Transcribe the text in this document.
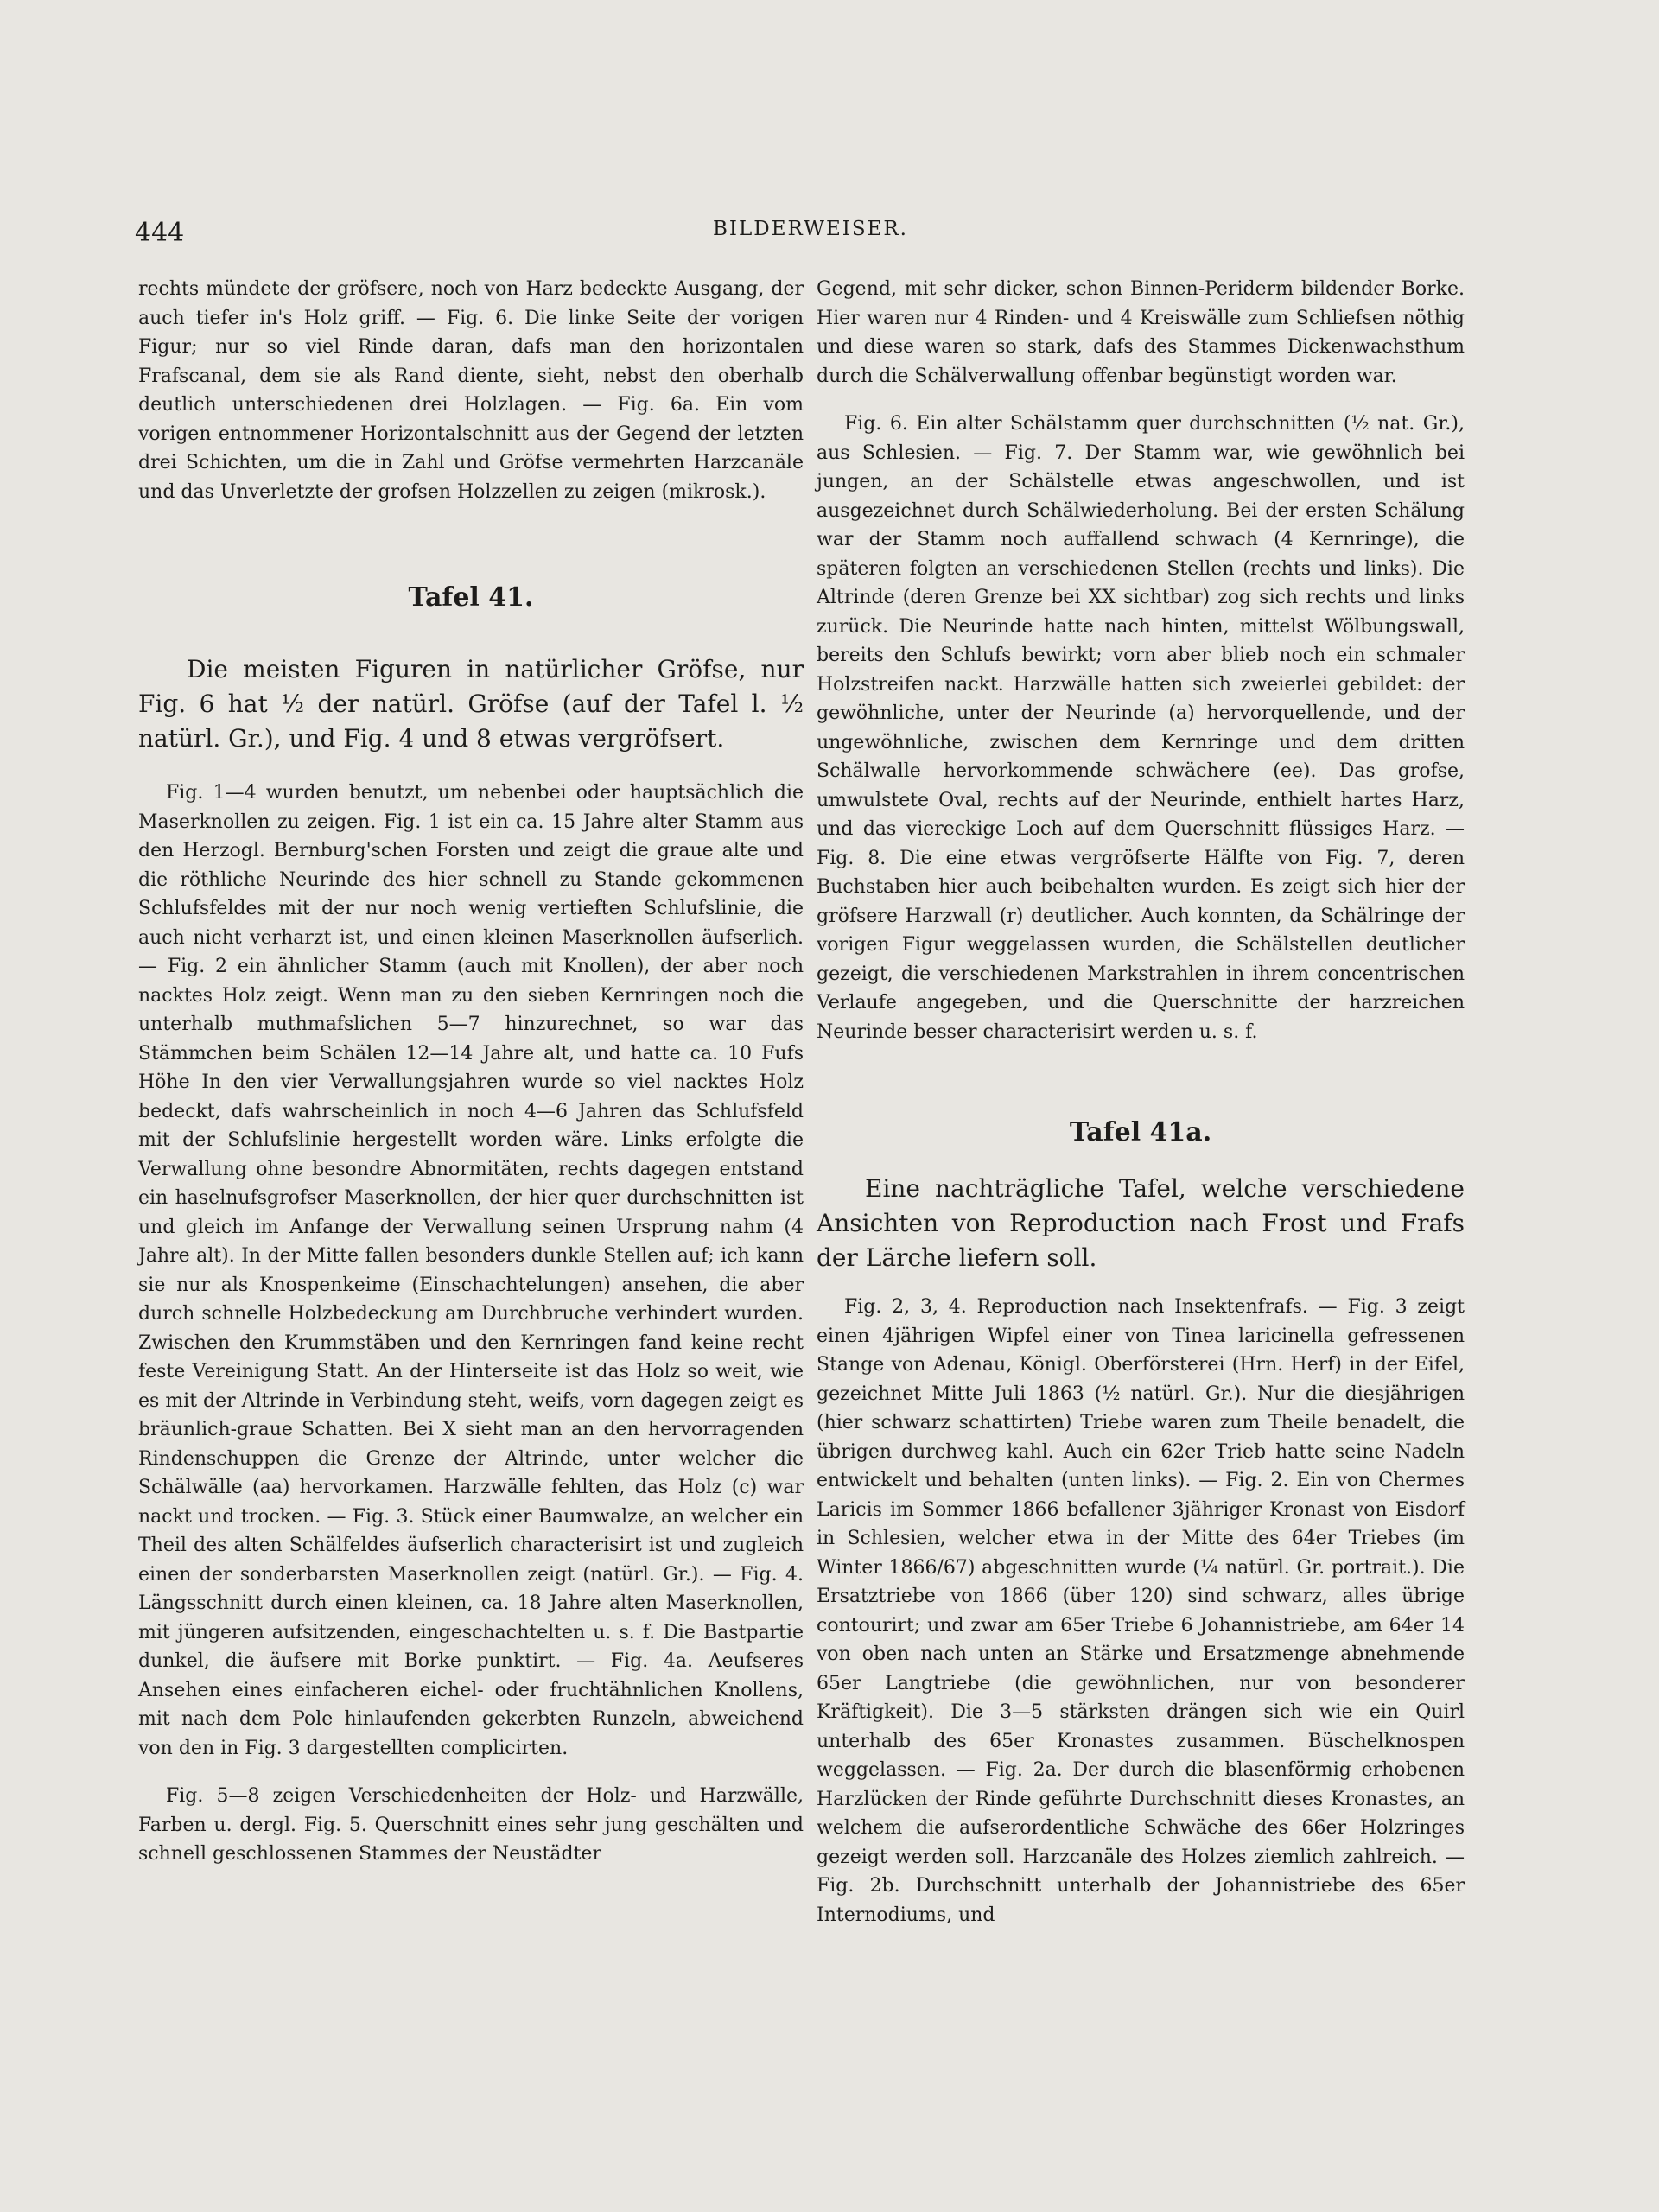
444	BILDERWEISER.

rechts mündete der gröfsere, noch von Harz bedeckte Ausgang, der auch tiefer in's Holz griff. — Fig. 6. Die linke Seite der vorigen Figur; nur so viel Rinde daran, dafs man den horizontalen Frafscanal, dem sie als Rand diente, sieht, nebst den oberhalb deutlich unterschiedenen drei Holzlagen. — Fig. 6a. Ein vom vorigen entnommener Horizontalschnitt aus der Gegend der letzten drei Schichten, um die in Zahl und Gröfse vermehrten Harzcanäle und das Unverletzte der grofsen Holzzellen zu zeigen (mikrosk.).

Tafel 41.

Die meisten Figuren in natürlicher Gröfse, nur Fig. 6 hat ½ der natürl. Gröfse (auf der Tafel l. ½ natürl. Gr.), und Fig. 4 und 8 etwas vergröfsert.

Fig. 1—4 wurden benutzt, um nebenbei oder hauptsächlich die Maserknollen zu zeigen. Fig. 1 ist ein ca. 15 Jahre alter Stamm aus den Herzogl. Bernburg'schen Forsten und zeigt die graue alte und die röthliche Neurinde des hier schnell zu Stande gekommenen Schlufsfeldes mit der nur noch wenig vertieften Schlufslinie, die auch nicht verharzt ist, und einen kleinen Maserknollen äufserlich. — Fig. 2 ein ähnlicher Stamm (auch mit Knollen), der aber noch nacktes Holz zeigt. Wenn man zu den sieben Kernringen noch die unterhalb muthmafslichen 5—7 hinzurechnet, so war das Stämmchen beim Schälen 12—14 Jahre alt, und hatte ca. 10 Fufs Höhe In den vier Verwallungsjahren wurde so viel nacktes Holz bedeckt, dafs wahrscheinlich in noch 4—6 Jahren das Schlufsfeld mit der Schlufslinie hergestellt worden wäre. Links erfolgte die Verwallung ohne besondre Abnormitäten, rechts dagegen entstand ein haselnufsgrofser Maserknollen, der hier quer durchschnitten ist und gleich im Anfange der Verwallung seinen Ursprung nahm (4 Jahre alt). In der Mitte fallen besonders dunkle Stellen auf; ich kann sie nur als Knospenkeime (Einschachtelungen) ansehen, die aber durch schnelle Holzbedeckung am Durchbruche verhindert wurden. Zwischen den Krummstäben und den Kernringen fand keine recht feste Vereinigung Statt. An der Hinterseite ist das Holz so weit, wie es mit der Altrinde in Verbindung steht, weifs, vorn dagegen zeigt es bräunlich-graue Schatten. Bei X sieht man an den hervorragenden Rindenschuppen die Grenze der Altrinde, unter welcher die Schälwälle (aa) hervorkamen. Harzwälle fehlten, das Holz (c) war nackt und trocken. — Fig. 3. Stück einer Baumwalze, an welcher ein Theil des alten Schälfeldes äufserlich characterisirt ist und zugleich einen der sonderbarsten Maserknollen zeigt (natürl. Gr.). — Fig. 4. Längsschnitt durch einen kleinen, ca. 18 Jahre alten Maserknollen, mit jüngeren aufsitzenden, eingeschachtelten u. s. f. Die Bastpartie dunkel, die äufsere mit Borke punktirt. — Fig. 4a. Aeufseres Ansehen eines einfacheren eichel- oder fruchtähnlichen Knollens, mit nach dem Pole hinlaufenden gekerbten Runzeln, abweichend von den in Fig. 3 dargestellten complicirten.

Fig. 5—8 zeigen Verschiedenheiten der Holz- und Harzwälle, Farben u. dergl. Fig. 5. Querschnitt eines sehr jung geschälten und schnell geschlossenen Stammes der Neustädter

Gegend, mit sehr dicker, schon Binnen-Periderm bildender Borke. Hier waren nur 4 Rinden- und 4 Kreiswälle zum Schliefsen nöthig und diese waren so stark, dafs des Stammes Dickenwachsthum durch die Schälverwallung offenbar begünstigt worden war.

Fig. 6. Ein alter Schälstamm quer durchschnitten (½ nat. Gr.), aus Schlesien. — Fig. 7. Der Stamm war, wie gewöhnlich bei jungen, an der Schälstelle etwas angeschwollen, und ist ausgezeichnet durch Schälwiederholung. Bei der ersten Schälung war der Stamm noch auffallend schwach (4 Kernringe), die späteren folgten an verschiedenen Stellen (rechts und links). Die Altrinde (deren Grenze bei XX sichtbar) zog sich rechts und links zurück. Die Neurinde hatte nach hinten, mittelst Wölbungswall, bereits den Schlufs bewirkt; vorn aber blieb noch ein schmaler Holzstreifen nackt. Harzwälle hatten sich zweierlei gebildet: der gewöhnliche, unter der Neurinde (a) hervorquellende, und der ungewöhnliche, zwischen dem Kernringe und dem dritten Schälwalle hervorkommende schwächere (ee). Das grofse, umwulstete Oval, rechts auf der Neurinde, enthielt hartes Harz, und das viereckige Loch auf dem Querschnitt flüssiges Harz. — Fig. 8. Die eine etwas vergröfserte Hälfte von Fig. 7, deren Buchstaben hier auch beibehalten wurden. Es zeigt sich hier der gröfsere Harzwall (r) deutlicher. Auch konnten, da Schälringe der vorigen Figur weggelassen wurden, die Schälstellen deutlicher gezeigt, die verschiedenen Markstrahlen in ihrem concentrischen Verlaufe angegeben, und die Querschnitte der harzreichen Neurinde besser characterisirt werden u. s. f.

Tafel 41a.

Eine nachträgliche Tafel, welche verschiedene Ansichten von Reproduction nach Frost und Frafs der Lärche liefern soll.

Fig. 2, 3, 4. Reproduction nach Insektenfrafs. — Fig. 3 zeigt einen 4jährigen Wipfel einer von Tinea laricinella gefressenen Stange von Adenau, Königl. Oberförsterei (Hrn. Herf) in der Eifel, gezeichnet Mitte Juli 1863 (½ natürl. Gr.). Nur die diesjährigen (hier schwarz schattirten) Triebe waren zum Theile benadelt, die übrigen durchweg kahl. Auch ein 62er Trieb hatte seine Nadeln entwickelt und behalten (unten links). — Fig. 2. Ein von Chermes Laricis im Sommer 1866 befallener 3jähriger Kronast von Eisdorf in Schlesien, welcher etwa in der Mitte des 64er Triebes (im Winter 1866/67) abgeschnitten wurde (¼ natürl. Gr. portrait.). Die Ersatztriebe von 1866 (über 120) sind schwarz, alles übrige contourirt; und zwar am 65er Triebe 6 Johannistriebe, am 64er 14 von oben nach unten an Stärke und Ersatzmenge abnehmende 65er Langtriebe (die gewöhnlichen, nur von besonderer Kräftigkeit). Die 3—5 stärksten drängen sich wie ein Quirl unterhalb des 65er Kronastes zusammen. Büschelknospen weggelassen. — Fig. 2a. Der durch die blasenförmig erhobenen Harzlücken der Rinde geführte Durchschnitt dieses Kronastes, an welchem die aufserordentliche Schwäche des 66er Holzringes gezeigt werden soll. Harzcanäle des Holzes ziemlich zahlreich. — Fig. 2b. Durchschnitt unterhalb der Johannistriebe des 65er Internodiums, und
